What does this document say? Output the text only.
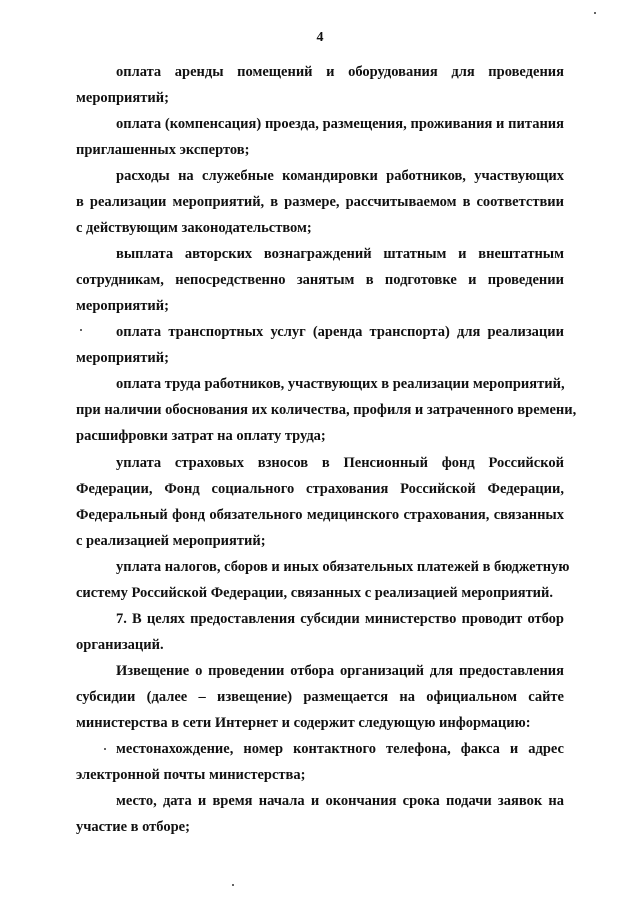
4
оплата аренды помещений и оборудования для проведения
мероприятий;
оплата (компенсация) проезда, размещения, проживания и питания
приглашенных экспертов;
расходы на служебные командировки работников, участвующих
в реализации мероприятий, в размере, рассчитываемом в соответствии
с действующим законодательством;
выплата авторских вознаграждений штатным и внештатным
сотрудникам, непосредственно занятым в подготовке и проведении
мероприятий;
оплата транспортных услуг (аренда транспорта) для реализации
мероприятий;
оплата труда работников, участвующих в реализации мероприятий,
при наличии обоснования их количества, профиля и затраченного времени,
расшифровки затрат на оплату труда;
уплата страховых взносов в Пенсионный фонд Российской
Федерации, Фонд социального страхования Российской Федерации,
Федеральный фонд обязательного медицинского страхования, связанных
с реализацией мероприятий;
уплата налогов, сборов и иных обязательных платежей в бюджетную
систему Российской Федерации, связанных с реализацией мероприятий.
7. В целях предоставления субсидии министерство проводит отбор
организаций.
Извещение о проведении отбора организаций для предоставления
субсидии (далее – извещение) размещается на официальном сайте
министерства в сети Интернет и содержит следующую информацию:
местонахождение, номер контактного телефона, факса и адрес
электронной почты министерства;
место, дата и время начала и окончания срока подачи заявок на
участие в отборе;
